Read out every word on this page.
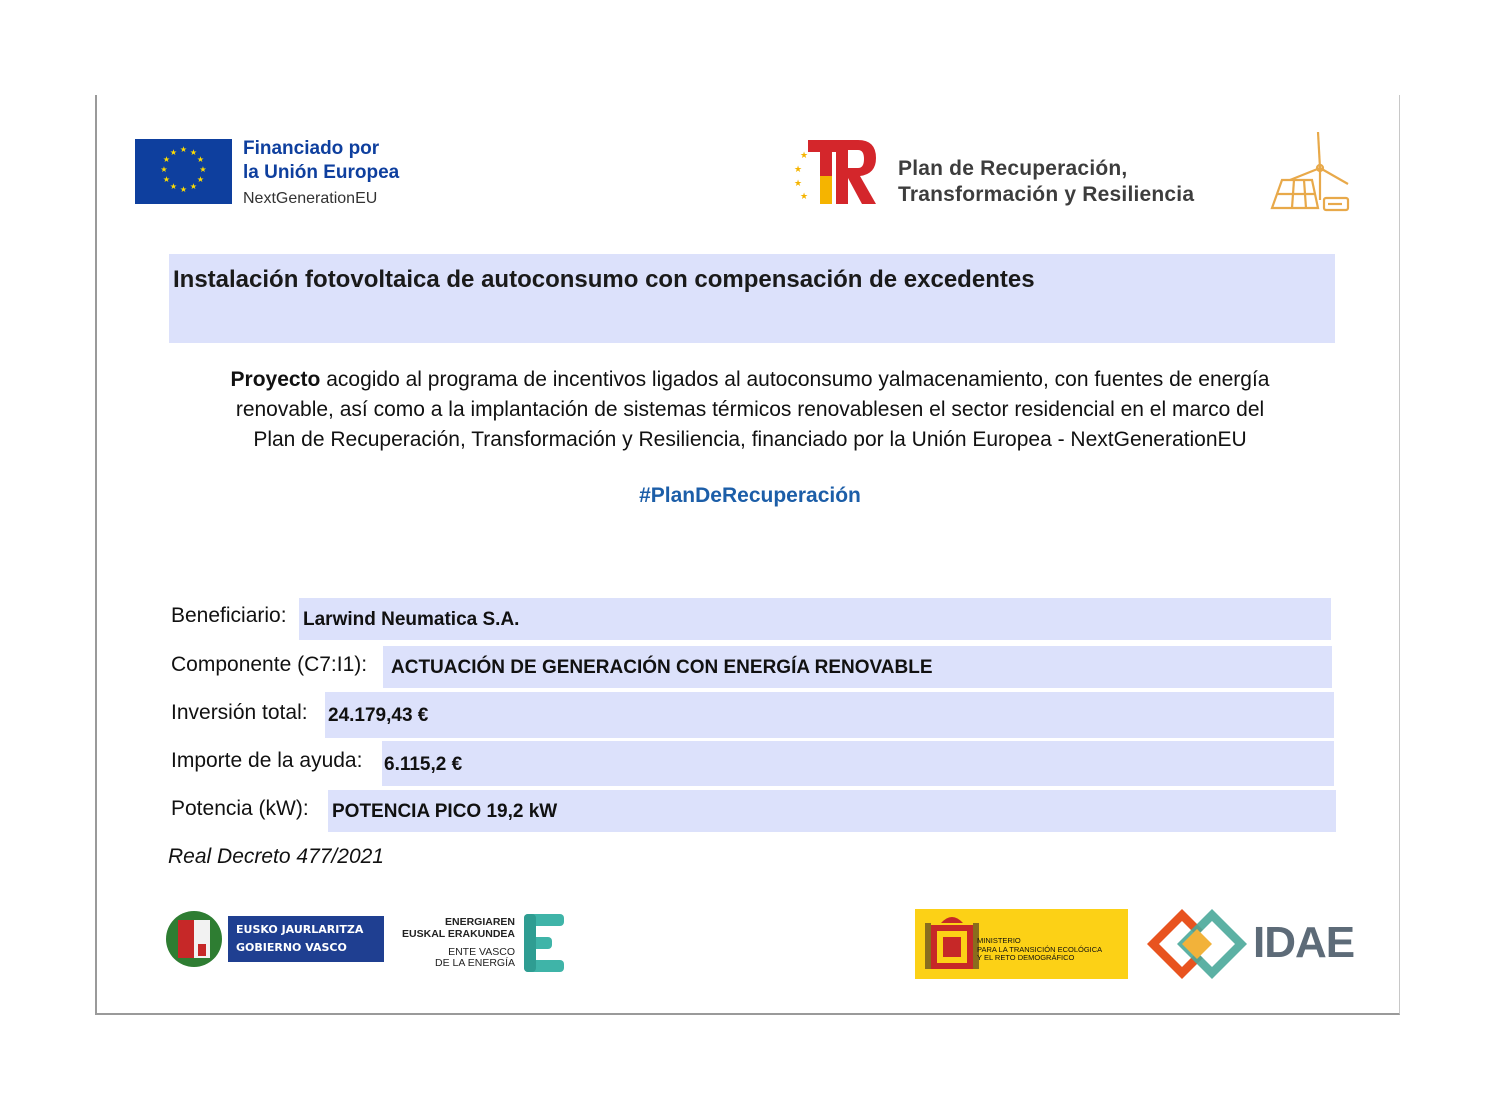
★ ★
★
★
★
★
★
★
★
★
★
★	Financiado por
la Unión Europea
NextGenerationEU
★
★
★
★
Plan de Recuperación,
Transformación y Resiliencia
Instalación fotovoltaica de autoconsumo con compensación de excedentes
Proyecto acogido al programa de incentivos ligados al autoconsumo yalmacenamiento, con fuentes de energía
renovable, así como a la implantación de sistemas térmicos renovablesen el sector residencial en el marco del
Plan de Recuperación, Transformación y Resiliencia, financiado por la Unión Europea - NextGenerationEU
#PlanDeRecuperación
Beneficiario: Larwind Neumatica S.A.
Componente (C7:I1): ACTUACIÓN DE GENERACIÓN CON ENERGÍA RENOVABLE
Inversión total: 24.179,43 €
Importe de la ayuda: 6.115,2 €
Potencia (kW): POTENCIA PICO 19,2 kW
Real Decreto 477/2021
EUSKO JAURLARITZA
GOBIERNO VASCO
ENERGIAREN
EUSKAL ERAKUNDEA
ENTE VASCO
DE LA ENERGÍA
MINISTERIO
PARA LA TRANSICIÓN ECOLÓGICA
Y EL RETO DEMOGRÁFICO	IDAE
